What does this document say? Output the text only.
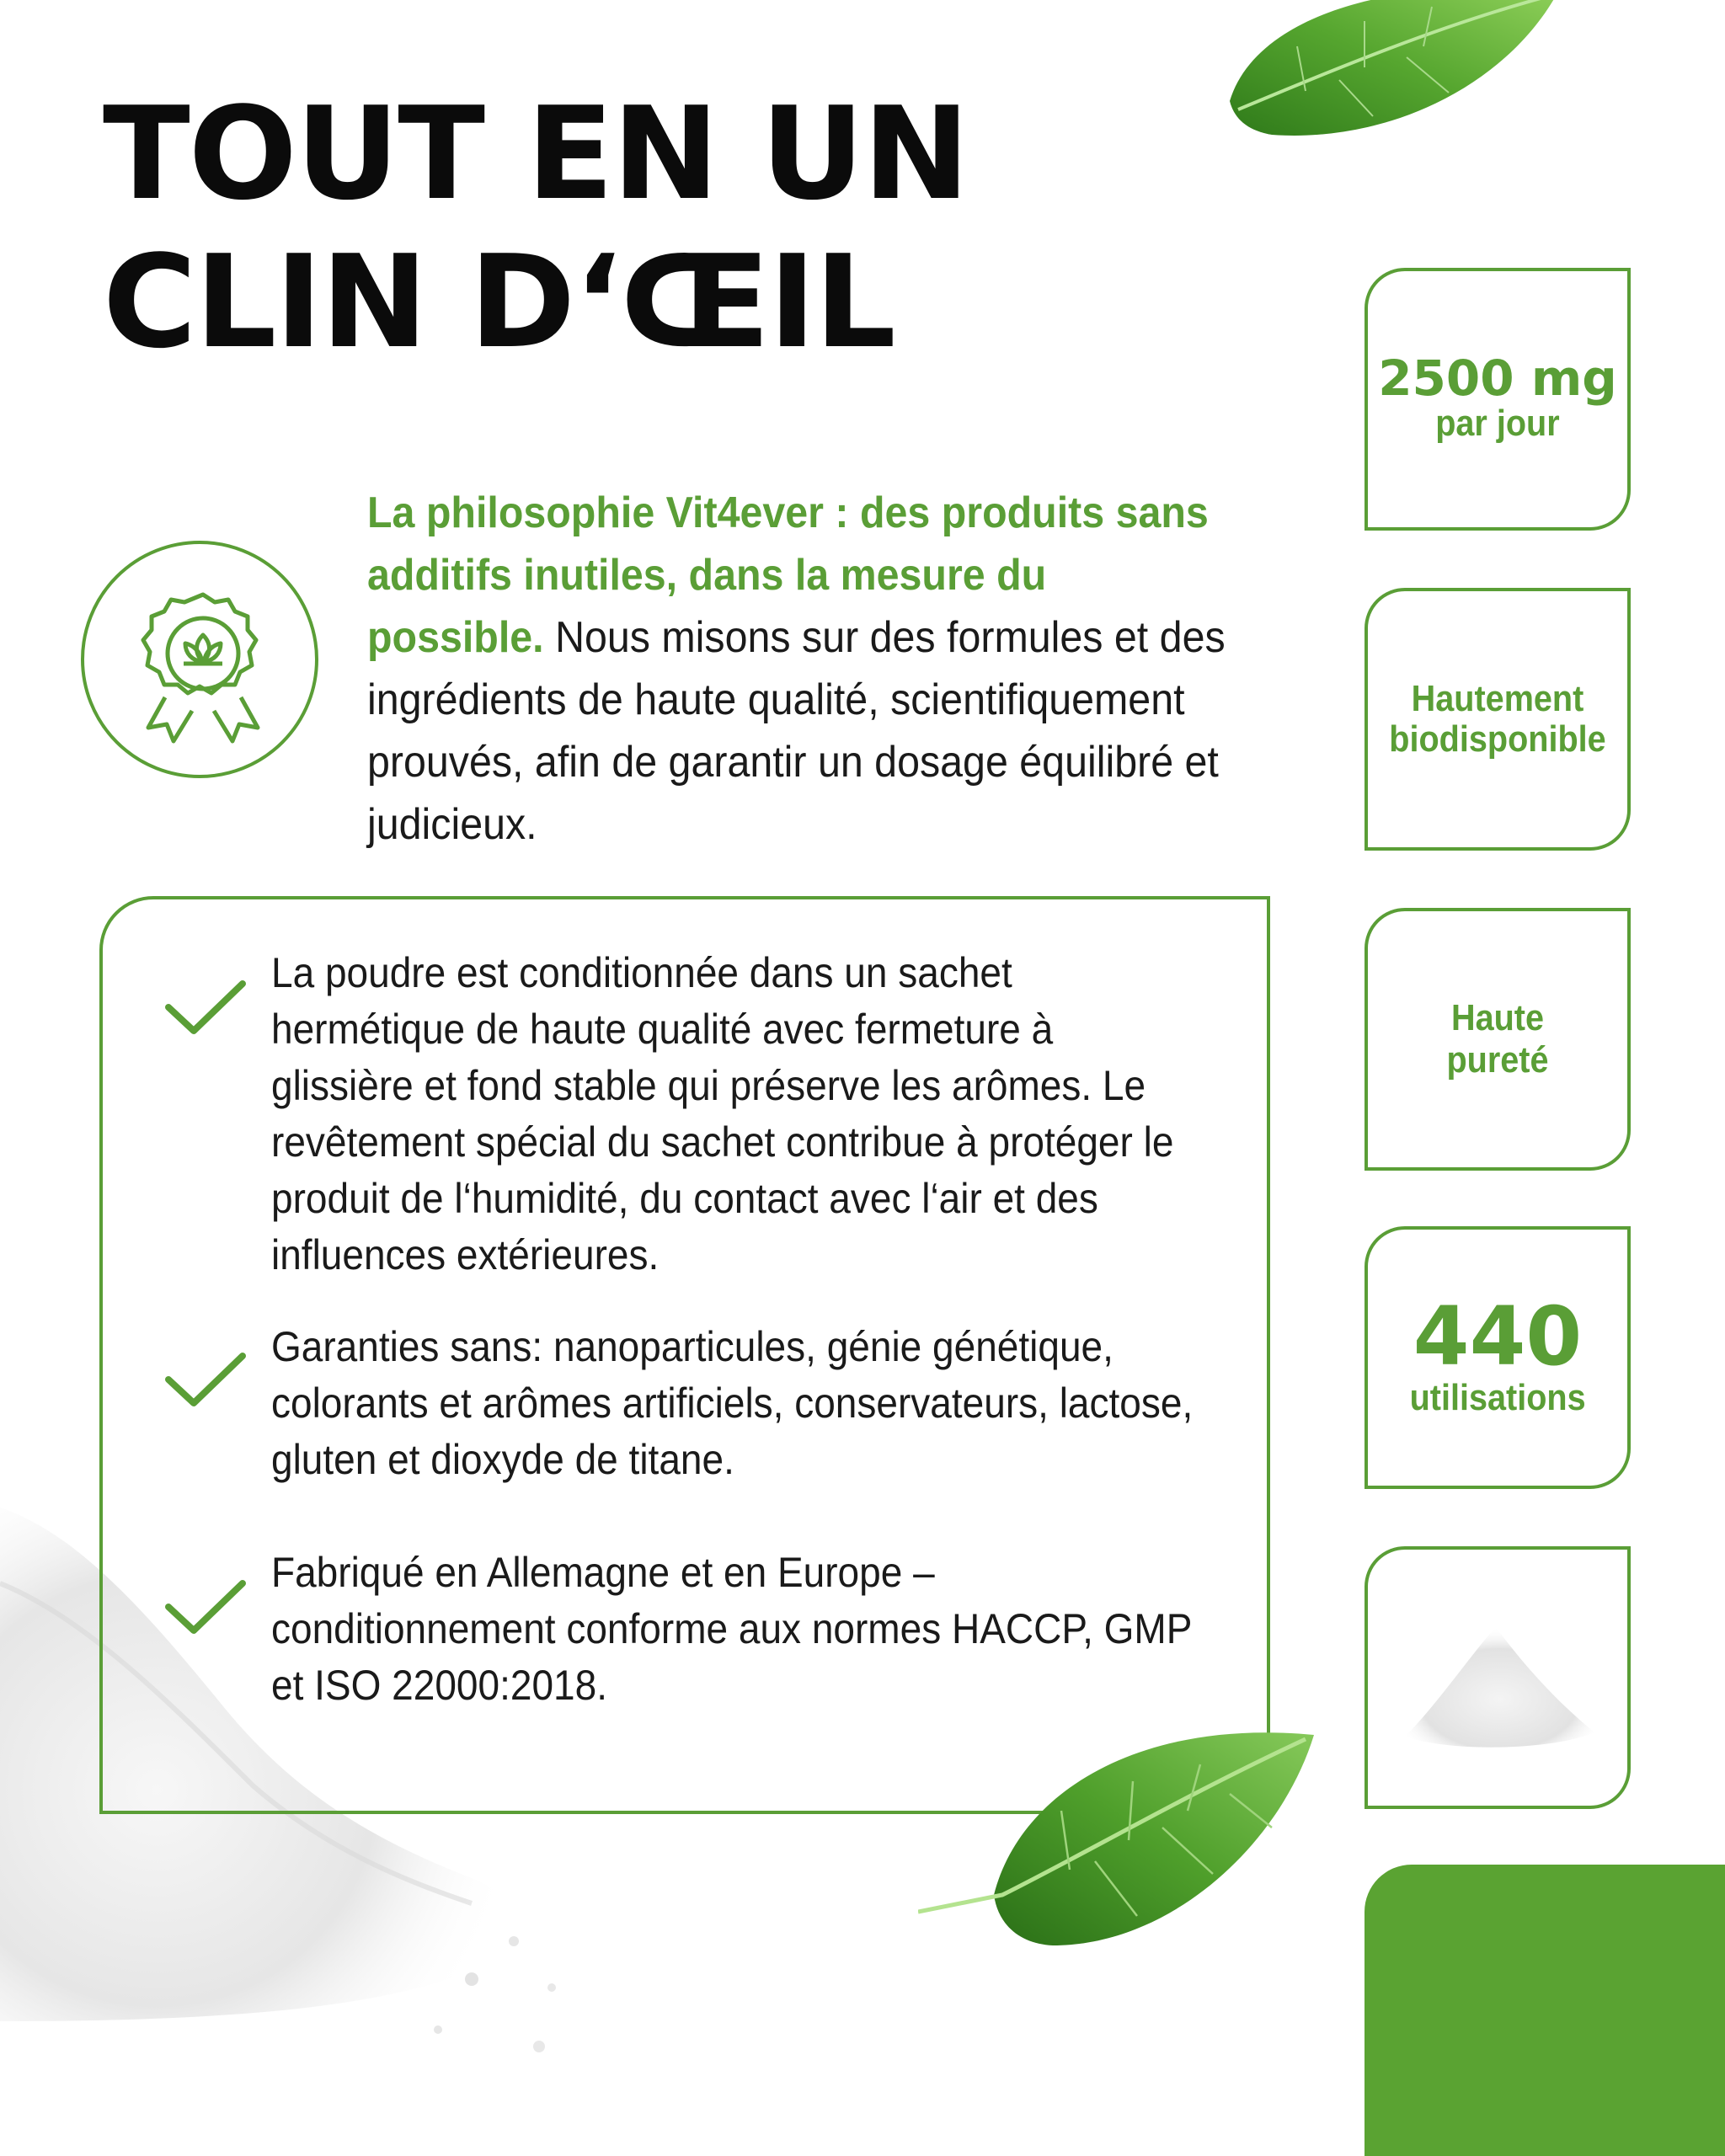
TOUT EN UN
CLIN D‘ŒIL
La philosophie Vit4ever : des produits sans additifs inutiles, dans la mesure du possible. Nous misons sur des formules et des ingrédients de haute qualité, scientifiquement prouvés, afin de garantir un dosage équilibré et judicieux.
La poudre est conditionnée dans un sachet hermétique de haute qualité avec fermeture à glissière et fond stable qui préserve les arômes. Le revêtement spécial du sachet contribue à protéger le produit de l‘humidité, du contact avec l‘air et des influences extérieures.
Garanties sans: nanoparticules, génie génétique, colorants et arômes artificiels, conservateurs, lactose, gluten et dioxyde de titane.
Fabriqué en Allemagne et en Europe – conditionnement conforme aux normes HACCP, GMP et ISO 22000:2018.
2500 mg
par jour
Hautement biodisponible
Haute pureté
440
utilisations
